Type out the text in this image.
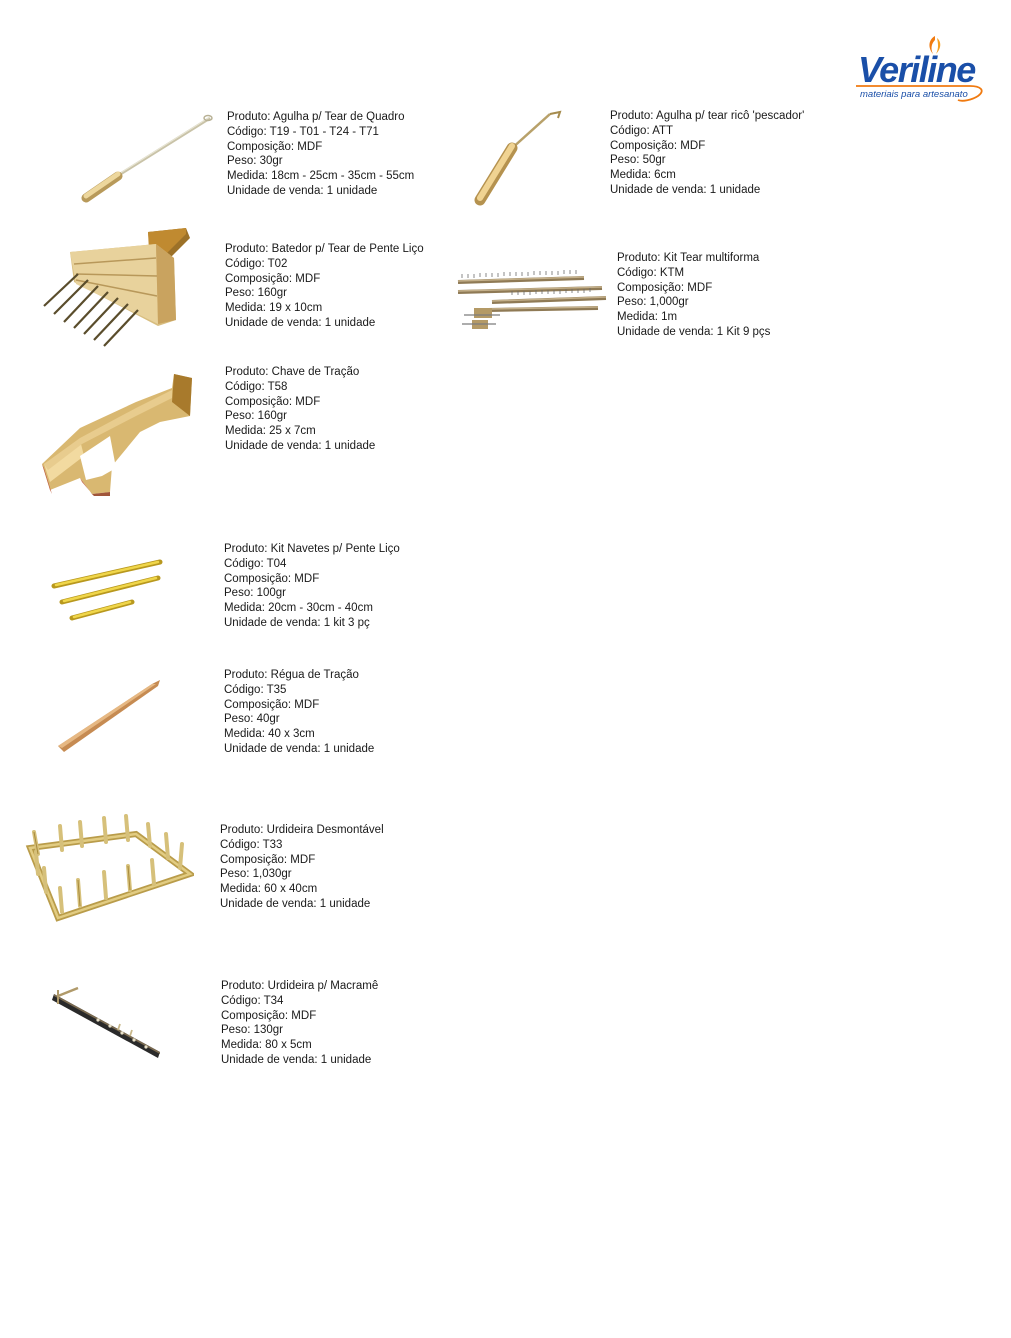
Veriline
materiais para artesanato
Produto: Agulha p/ Tear de Quadro
Código: T19 - T01 - T24 - T71
Composição: MDF
Peso: 30gr
Medida: 18cm - 25cm - 35cm - 55cm
Unidade de venda: 1 unidade
Produto: Agulha p/ tear ricô 'pescador'
Código: ATT
Composição: MDF
Peso: 50gr
Medida: 6cm
Unidade de venda: 1 unidade
Produto: Batedor p/ Tear de Pente Liço
Código: T02
Composição: MDF
Peso: 160gr
Medida: 19 x 10cm
Unidade de venda: 1 unidade
Produto: Kit Tear multiforma
Código: KTM
Composição: MDF
Peso: 1,000gr
Medida: 1m
Unidade de venda: 1 Kit 9 pçs
Produto: Chave de Tração
Código: T58
Composição: MDF
Peso: 160gr
Medida: 25 x 7cm
Unidade de venda: 1 unidade
Produto: Kit Navetes p/ Pente Liço
Código: T04
Composição: MDF
Peso: 100gr
Medida: 20cm - 30cm - 40cm
Unidade de venda: 1 kit 3 pç
Produto: Régua de Tração
Código: T35
Composição: MDF
Peso: 40gr
Medida: 40 x 3cm
Unidade de venda: 1 unidade
Produto: Urdideira Desmontável
Código: T33
Composição: MDF
Peso: 1,030gr
Medida: 60 x 40cm
Unidade de venda: 1 unidade
Produto: Urdideira p/ Macramê
Código: T34
Composição: MDF
Peso: 130gr
Medida: 80 x 5cm
Unidade de venda: 1 unidade
